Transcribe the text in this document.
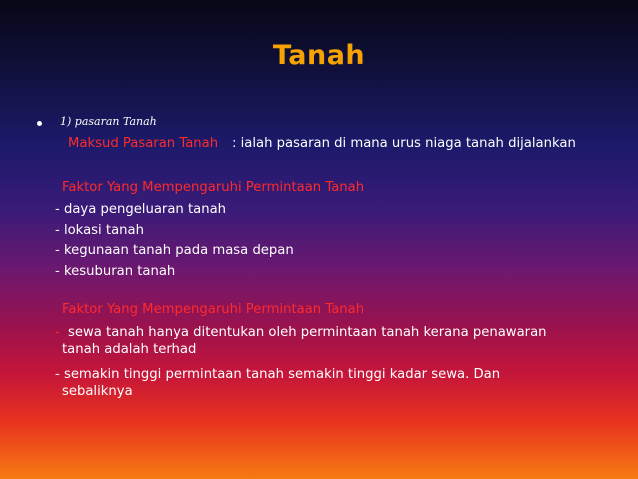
Tanah
1) pasaran Tanah
Maksud Pasaran Tanah : ialah pasaran di mana urus niaga tanah dijalankan
Faktor Yang Mempengaruhi Permintaan Tanah
- daya pengeluaran tanah
- lokasi tanah
- kegunaan tanah pada masa depan
- kesuburan tanah
Faktor Yang Mempengaruhi Permintaan Tanah
- sewa tanah hanya ditentukan oleh permintaan tanah kerana penawaran
tanah adalah terhad
- semakin tinggi permintaan tanah semakin tinggi kadar sewa. Dan
sebaliknya
